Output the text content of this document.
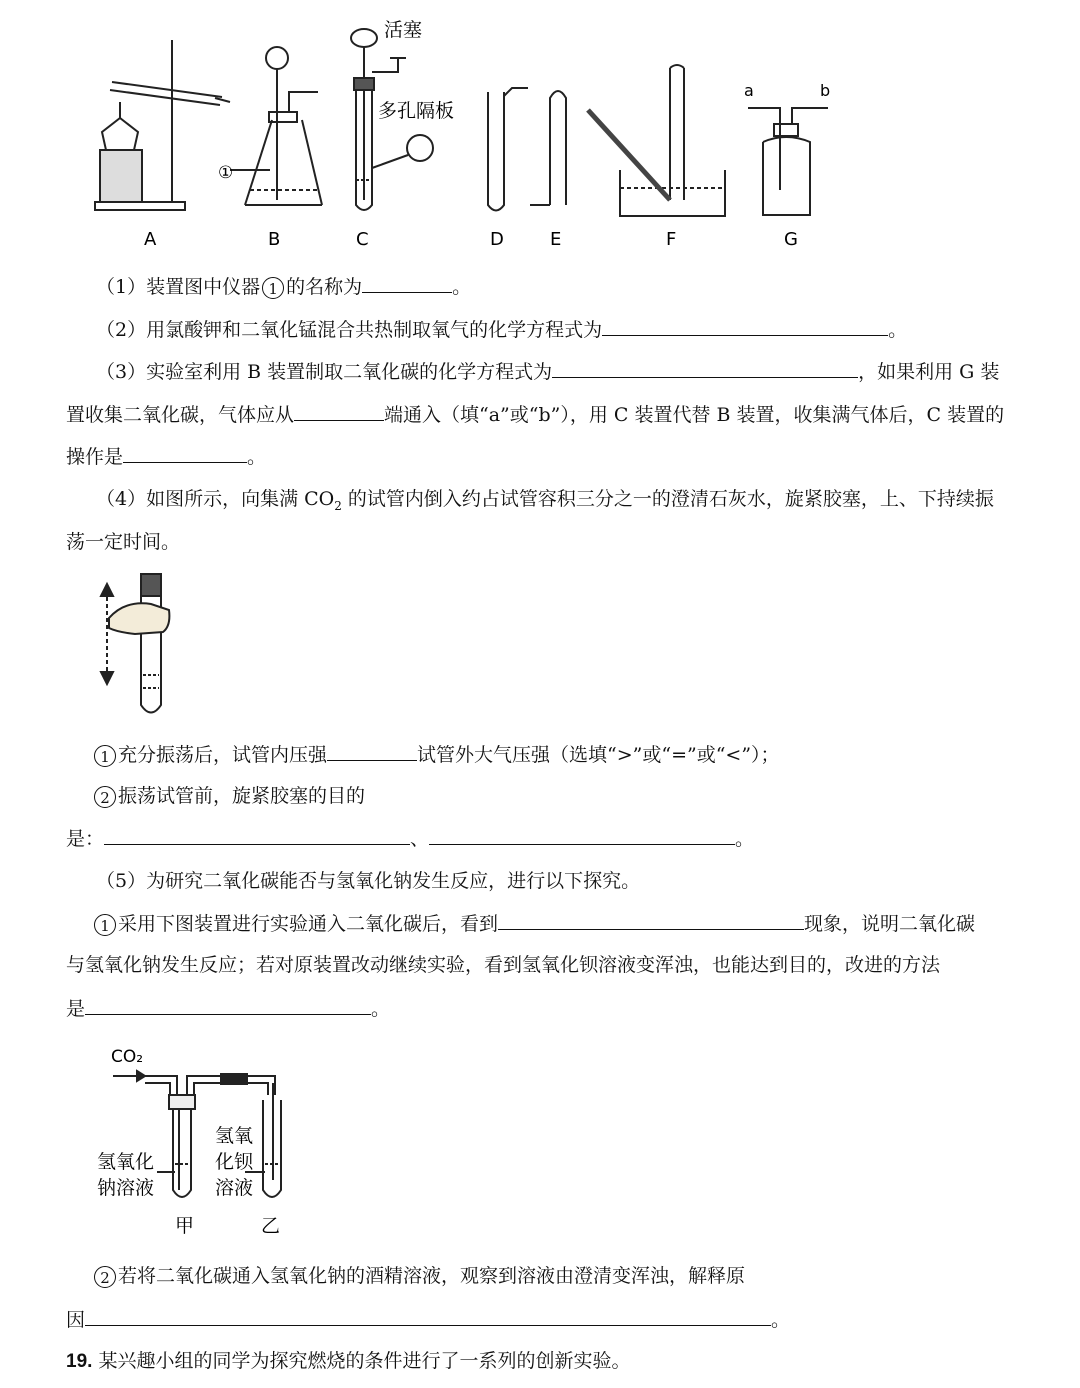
活塞
多孔隔板
①
a	b
A	B	C	D	E	F	G
（1）装置图中仪器 1 的名称为	。
（2）用氯酸钾和二氧化锰混合共热制取氧气的化学方程式为	。
（3）实验室利用 B 装置制取二氧化碳的化学方程式为	，如果利用 G 装
置收集二氧化碳，气体应从	端通入（填“a”或“b”），用 C 装置代替 B 装置，收集满气体后，C 装置的
操作是	。
（4）如图所示，向集满 $CO_2$ 的试管内倒入约占试管容积三分之一的澄清石灰水，旋紧胶塞，上、下持续振
荡一定时间。
1 充分振荡后，试管内压强	试管外大气压强（选填“>”或“=”或“<”）；
2 振荡试管前，旋紧胶塞的目的
是：	、	。
（5）为研究二氧化碳能否与氢氧化钠发生反应，进行以下探究。
1 采用下图装置进行实验通入二氧化碳后，看到	现象，说明二氧化碳
与氢氧化钠发生反应；若对原装置改动继续实验，看到氢氧化钡溶液变浑浊，也能达到目的，改进的方法
是	。
CO₂
氢氧化
钠溶液
氢氧
化钡
溶液
甲	乙
2 若将二氧化碳通入氢氧化钠的酒精溶液，观察到溶液由澄清变浑浊，解释原
因	。
19. 某兴趣小组的同学为探究燃烧的条件进行了一系列的创新实验。
